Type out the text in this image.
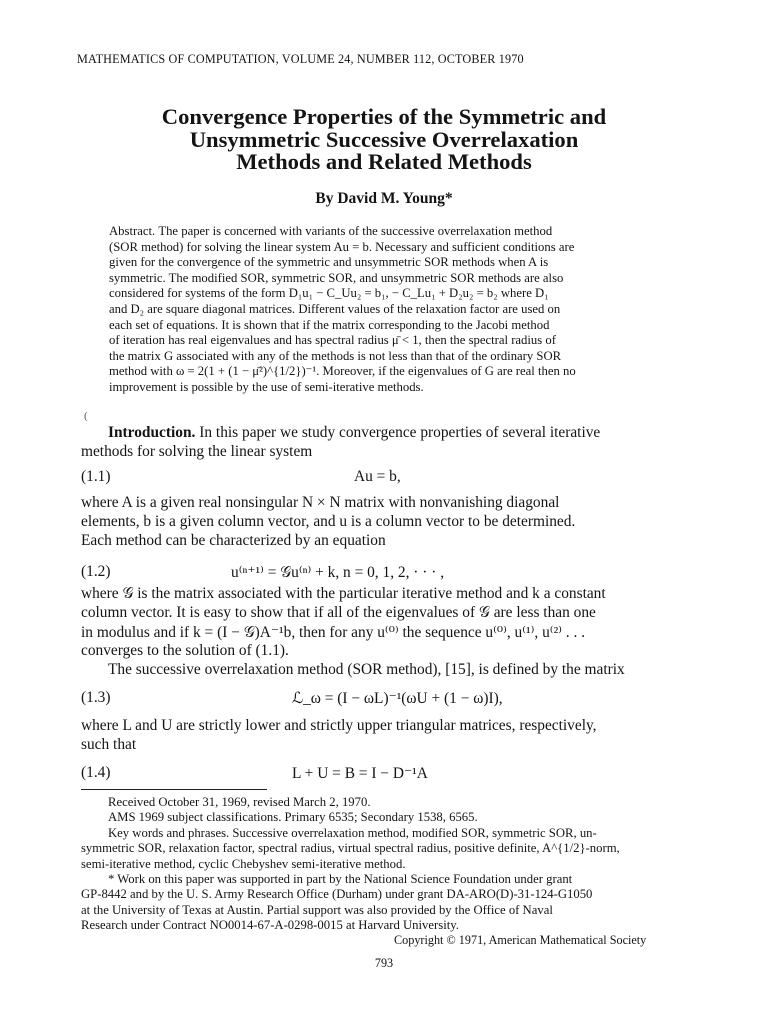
MATHEMATICS OF COMPUTATION, VOLUME 24, NUMBER 112, OCTOBER 1970
Convergence Properties of the Symmetric and
Unsymmetric Successive Overrelaxation
Methods and Related Methods
By David M. Young*
Abstract. The paper is concerned with variants of the successive overrelaxation method
(SOR method) for solving the linear system Au = b. Necessary and sufficient conditions are
given for the convergence of the symmetric and unsymmetric SOR methods when A is
symmetric. The modified SOR, symmetric SOR, and unsymmetric SOR methods are also
considered for systems of the form D₁u₁ − C_Uu₂ = b₁, − C_Lu₁ + D₂u₂ = b₂ where D₁
and D₂ are square diagonal matrices. Different values of the relaxation factor are used on
each set of equations. It is shown that if the matrix corresponding to the Jacobi method
of iteration has real eigenvalues and has spectral radius μ̄ < 1, then the spectral radius of
the matrix G associated with any of the methods is not less than that of the ordinary SOR
method with ω = 2(1 + (1 − μ̄²)^{1/2})⁻¹. Moreover, if the eigenvalues of G are real then no
improvement is possible by the use of semi-iterative methods.
(
Introduction. In this paper we study convergence properties of several iterative
methods for solving the linear system
(1.1)	Au = b,
where A is a given real nonsingular N × N matrix with nonvanishing diagonal
elements, b is a given column vector, and u is a column vector to be determined.
Each method can be characterized by an equation
(1.2)	u⁽ⁿ⁺¹⁾ = 𝒢u⁽ⁿ⁾ + k, n = 0, 1, 2, · · · ,
where 𝒢 is the matrix associated with the particular iterative method and k a constant
column vector. It is easy to show that if all of the eigenvalues of 𝒢 are less than one
in modulus and if k = (I − 𝒢)A⁻¹b, then for any u⁽⁰⁾ the sequence u⁽⁰⁾, u⁽¹⁾, u⁽²⁾ . . .
converges to the solution of (1.1).
The successive overrelaxation method (SOR method), [15], is defined by the matrix
(1.3)	ℒ_ω = (I − ωL)⁻¹(ωU + (1 − ω)I),
where L and U are strictly lower and strictly upper triangular matrices, respectively,
such that
(1.4)	L + U = B = I − D⁻¹A
Received October 31, 1969, revised March 2, 1970.
AMS 1969 subject classifications. Primary 6535; Secondary 1538, 6565.
Key words and phrases. Successive overrelaxation method, modified SOR, symmetric SOR, un-
symmetric SOR, relaxation factor, spectral radius, virtual spectral radius, positive definite, A^{1/2}-norm,
semi-iterative method, cyclic Chebyshev semi-iterative method.
* Work on this paper was supported in part by the National Science Foundation under grant
GP-8442 and by the U. S. Army Research Office (Durham) under grant DA-ARO(D)-31-124-G1050
at the University of Texas at Austin. Partial support was also provided by the Office of Naval
Research under Contract NO0014-67-A-0298-0015 at Harvard University.
Copyright © 1971, American Mathematical Society
793
